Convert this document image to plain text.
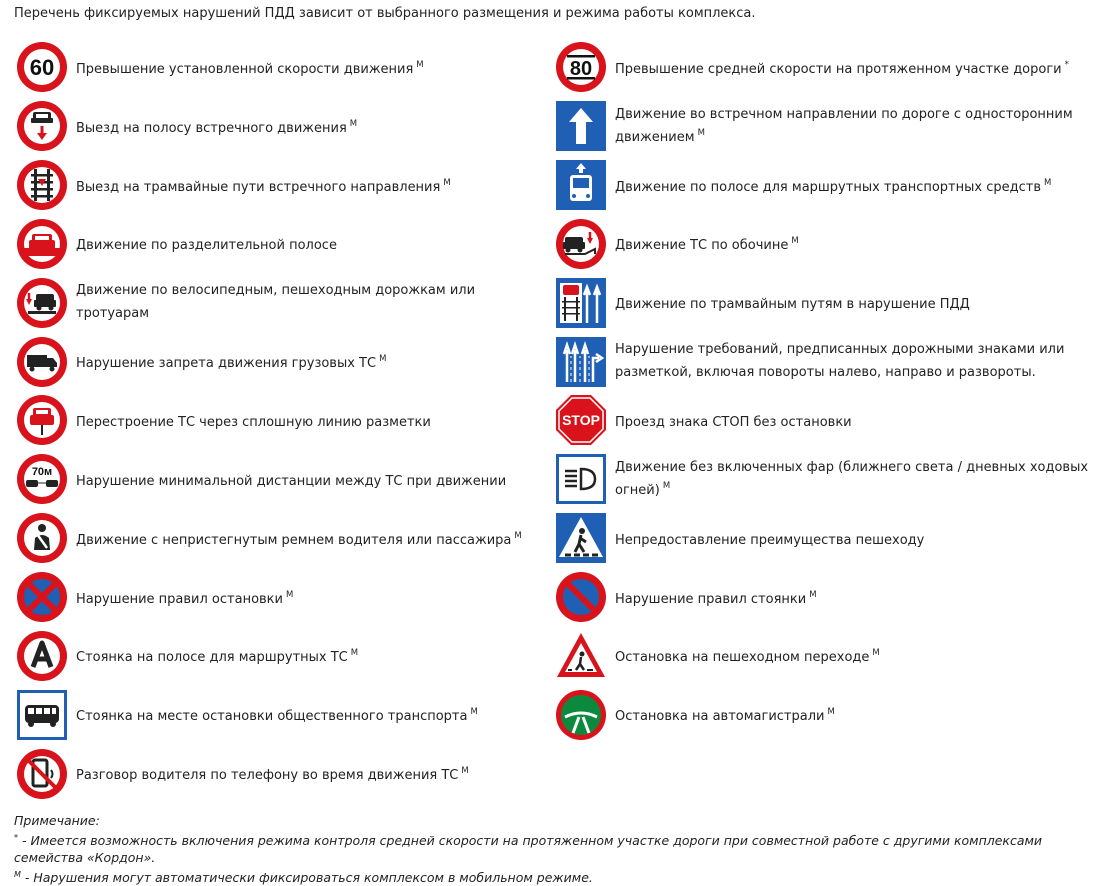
Перечень фиксируемых нарушений ПДД зависит от выбранного размещения и режима работы комплекса.
60 Превышение установленной скорости движения $^М$
Выезд на полосу встречного движения $^М$
Выезд на трамвайные пути встречного направления $^М$
Движение по разделительной полосе
Движение по велосипедным, пешеходным дорожкам или тротуарам
Нарушение запрета движения грузовых ТС $^М$
Перестроение ТС через сплошную линию разметки
70м
Нарушение минимальной дистанции между ТС при движении
Движение с непристегнутым ремнем водителя или пассажира $^М$
Нарушение правил остановки $^М$
Стоянка на полосе для маршрутных ТС $^М$
Стоянка на месте остановки общественного транспорта $^М$
Разговор водителя по телефону во время движения ТС $^М$
80 Превышение средней скорости на протяженном участке дороги *
Движение во встречном направлении по дороге с односторонним движением $^М$
Движение по полосе для маршрутных транспортных средств $^М$
Движение ТС по обочине $^М$
Движение по трамвайным путям в нарушение ПДД
Нарушение требований, предписанных дорожными знаками или разметкой, включая повороты налево, направо и развороты.
STOP Проезд знака СТОП без остановки
Движение без включенных фар (ближнего света / дневных ходовых огней) $^М$
Непредоставление преимущества пешеходу
Нарушение правил стоянки $^М$
Остановка на пешеходном переходе $^М$
Остановка на автомагистрали $^М$
Примечание:
* - Имеется возможность включения режима контроля средней скорости на протяженном участке дороги при совместной работе с другими комплексами семейства «Кордон».
$^М$ - Нарушения могут автоматически фиксироваться комплексом в мобильном режиме.
